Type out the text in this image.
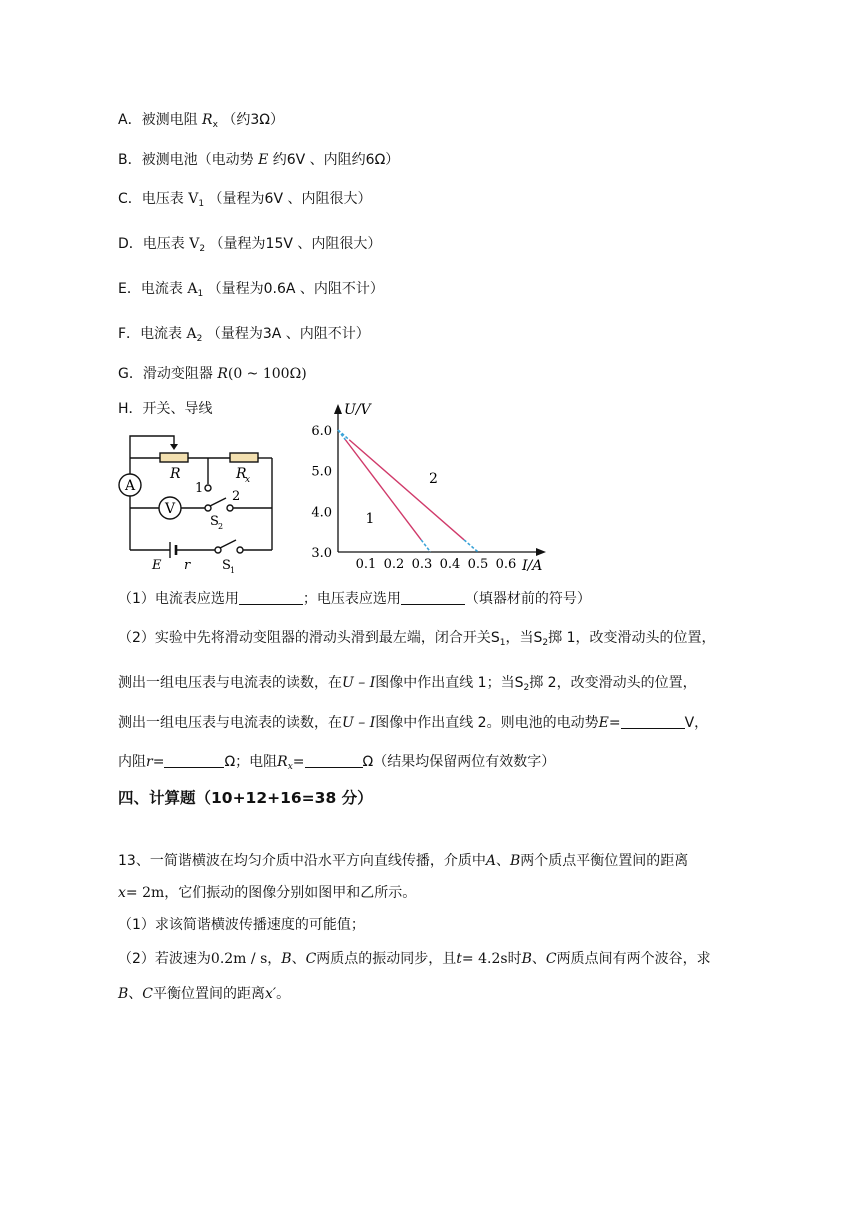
A．被测电阻 $R_x$ （约3Ω）
B．被测电池（电动势 E 约6V 、内阻约6Ω）
C．电压表 $V_1$ （量程为6V 、内阻很大）
D．电压表 $V_2$ （量程为15V 、内阻很大）
E．电流表 $A_1$ （量程为0.6A 、内阻不计）
F．电流表 $A_2$ （量程为3A 、内阻不计）
G．滑动变阻器 R(0 ~ 100Ω)
H．开关、导线
A
V
R	R
x
1
2
S 2
E r S 1
U/V
I/A
0.1 0.2 0.3 0.4 0.5 0.6
3.0
4.0
5.0
6.0
1
2
（1）电流表应选用	；电压表应选用	（填器材前的符号）
（2）实验中先将滑动变阻器的滑动头滑到最左端，闭合开关$S_1$，当$S_2$掷 1，改变滑动头的位置，
测出一组电压表与电流表的读数，在U – I图像中作出直线 1；当$S_2$掷 2，改变滑动头的位置，
测出一组电压表与电流表的读数，在U – I图像中作出直线 2。则电池的电动势E=	V，
内阻r=	Ω；电阻$R_x=$	Ω（结果均保留两位有效数字）
四、计算题（10+12+16=38 分）
13、一简谐横波在均匀介质中沿水平方向直线传播，介质中A、B两个质点平衡位置间的距离
x= 2m，它们振动的图像分别如图甲和乙所示。
（1）求该简谐横波传播速度的可能值；
（2）若波速为0.2m / s，B、C两质点的振动同步，且t= 4.2s时B、C两质点间有两个波谷，求
B、C平衡位置间的距离x′。
